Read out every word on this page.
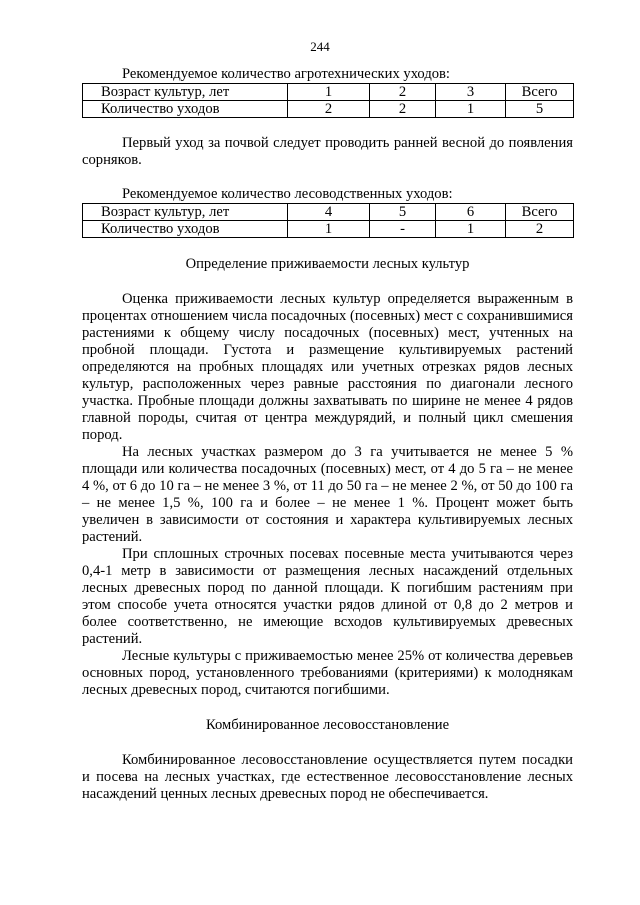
244

Рекомендуемое количество агротехнических уходов:

Возраст культур, лет	1	2	3	Всего
Количество уходов	2	2	1	5

Первый уход за почвой следует проводить ранней весной до появления сорняков.

Рекомендуемое количество лесоводственных уходов:

Возраст культур, лет	4	5	6	Всего
Количество уходов	1	-	1	2
Определение приживаемости лесных культур

Оценка приживаемости лесных культур определяется выраженным в процентах отношением числа посадочных (посевных) мест с сохранившимися растениями к общему числу посадочных (посевных) мест, учтенных на пробной площади. Густота и размещение культивируемых растений определяются на пробных площадях или учетных отрезках рядов лесных культур, расположенных через равные расстояния по диагонали лесного участка. Пробные площади должны захватывать по ширине не менее 4 рядов главной породы, считая от центра междурядий, и полный цикл смешения пород.

На лесных участках размером до 3 га учитывается не менее 5 % площади или количества посадочных (посевных) мест, от 4 до 5 га – не менее 4 %, от 6 до 10 га – не менее 3 %, от 11 до 50 га – не менее 2 %, от 50 до 100 га – не менее 1,5 %, 100 га и более – не менее 1 %. Процент может быть увеличен в зависимости от состояния и характера культивируемых лесных растений.

При сплошных строчных посевах посевные места учитываются через 0,4-1 метр в зависимости от размещения лесных насаждений отдельных лесных древесных пород по данной площади. К погибшим растениям при этом способе учета относятся участки рядов длиной от 0,8 до 2 метров и более соответственно, не имеющие всходов культивируемых древесных растений.

Лесные культуры с приживаемостью менее 25% от количества деревьев основных пород, установленного требованиями (критериями) к молоднякам лесных древесных пород, считаются погибшими.

Комбинированное лесовосстановление

Комбинированное лесовосстановление осуществляется путем посадки и посева на лесных участках, где естественное лесовосстановление лесных насаждений ценных лесных древесных пород не обеспечивается.
